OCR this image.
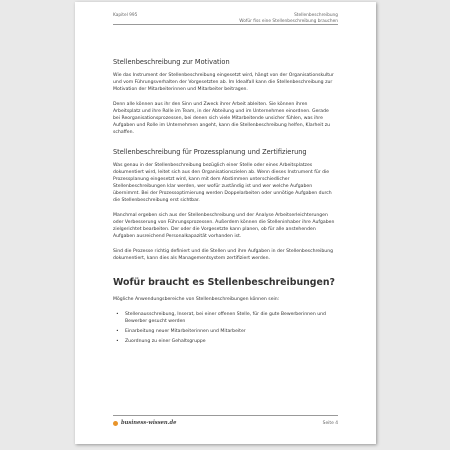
Kapitel 995	Stellenbeschreibung
Wofür fiss eine Stellenbeschreibung brauchen
Stellenbeschreibung zur Motivation

Wie das Instrument der Stellenbeschreibung eingesetzt wird, hängt von der Organisationskultur und vom Führungsverhalten der Vorgesetzten ab. Im Idealfall kann die Stellenbeschreibung zur Motivation der Mitarbeiterinnen und Mitarbeiter beitragen.

Denn alle können aus ihr den Sinn und Zweck ihrer Arbeit ableiten. Sie können ihren Arbeitsplatz und ihre Rolle im Team, in der Abteilung und im Unternehmen einordnen. Gerade bei Reorganisationsprozessen, bei denen sich viele Mitarbeitende unsicher fühlen, was ihre Aufgaben und Rolle im Unternehmen angeht, kann die Stellenbeschreibung helfen, Klarheit zu schaffen.

Stellenbeschreibung für Prozessplanung und Zertifizierung

Was genau in der Stellenbeschreibung bezüglich einer Stelle oder eines Arbeitsplatzes dokumentiert wird, leitet sich aus den Organisationszielen ab. Wenn dieses Instrument für die Prozessplanung eingesetzt wird, kann mit dem Abstimmen unterschiedlicher Stellenbeschreibungen klar werden, wer wofür zuständig ist und wer welche Aufgaben übernimmt. Bei der Prozessoptimierung werden Doppelarbeiten oder unnötige Aufgaben durch die Stellenbeschreibung erst sichtbar.

Manchmal ergeben sich aus der Stellenbeschreibung und der Analyse Arbeitserleichterungen oder Verbesserung von Führungsprozessen. Außerdem können die Stelleninhaber ihre Aufgaben zielgerichtet bearbeiten. Der oder die Vorgesetzte kann planen, ob für alle anstehenden Aufgaben ausreichend Personalkapazität vorhanden ist.

Sind die Prozesse richtig definiert und die Stellen und ihre Aufgaben in der Stellenbeschreibung dokumentiert, kann dies als Managementsystem zertifiziert werden.

Wofür braucht es Stellenbeschreibungen?

Mögliche Anwendungsbereiche von Stellenbeschreibungen können sein:

• Stellenausschreibung, Inserat, bei einer offenen Stelle, für die gute Bewerberinnen und Bewerber gesucht werden
• Einarbeitung neuer Mitarbeiterinnen und Mitarbeiter
• Zuordnung zu einer Gehaltsgruppe
business-wissen.de	Seite 4
